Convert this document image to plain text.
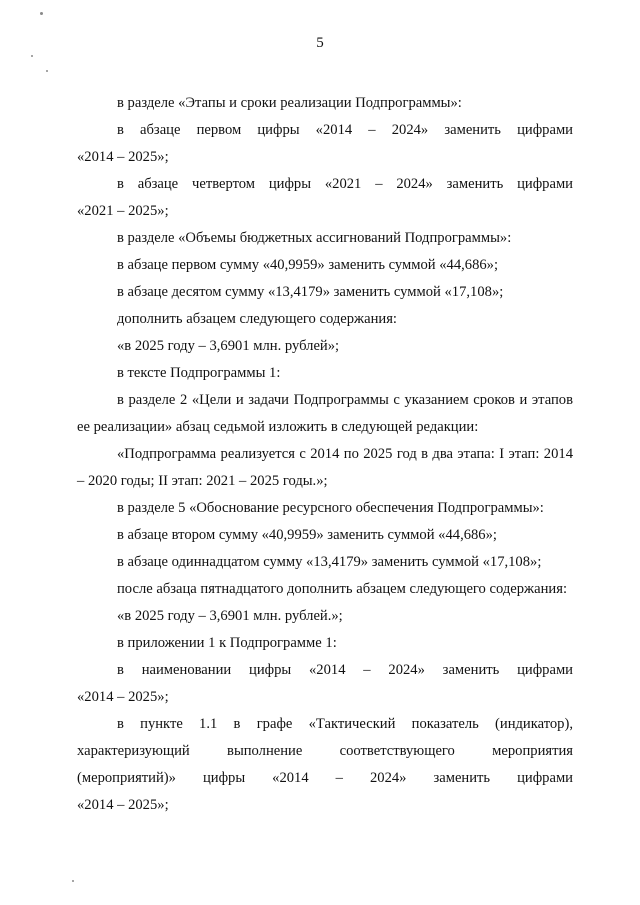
5

в разделе «Этапы и сроки реализации Подпрограммы»:

в абзаце первом цифры «2014 – 2024» заменить цифрами

«2014 – 2025»;

в абзаце четвертом цифры «2021 – 2024» заменить цифрами

«2021 – 2025»;

в разделе «Объемы бюджетных ассигнований Подпрограммы»:

в абзаце первом сумму «40,9959» заменить суммой «44,686»;

в абзаце десятом сумму «13,4179» заменить суммой «17,108»;

дополнить абзацем следующего содержания:

«в 2025 году – 3,6901 млн. рублей»;

в тексте Подпрограммы 1:

в разделе 2 «Цели и задачи Подпрограммы с указанием сроков и этапов ее реализации» абзац седьмой изложить в следующей редакции:

«Подпрограмма реализуется с 2014 по 2025 год в два этапа: I этап: 2014 – 2020 годы; II этап: 2021 – 2025 годы.»;

в разделе 5 «Обоснование ресурсного обеспечения Подпрограммы»:

в абзаце втором сумму «40,9959» заменить суммой «44,686»;

в абзаце одиннадцатом сумму «13,4179» заменить суммой «17,108»;

после абзаца пятнадцатого дополнить абзацем следующего содержания:

«в 2025 году – 3,6901 млн. рублей.»;

в приложении 1 к Подпрограмме 1:

в наименовании цифры «2014 – 2024» заменить цифрами

«2014 – 2025»;

в пункте 1.1 в графе «Тактический показатель (индикатор), характеризующий выполнение соответствующего мероприятия (мероприятий)» цифры «2014 – 2024» заменить цифрами

«2014 – 2025»;
